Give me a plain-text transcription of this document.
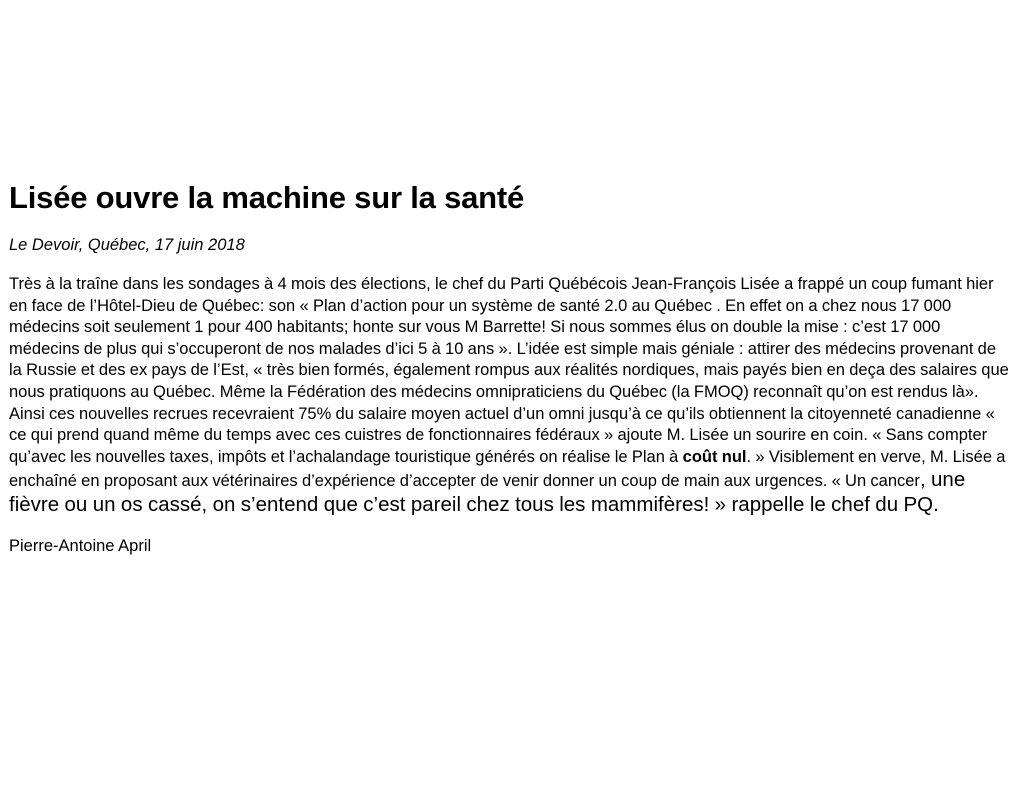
Lisée ouvre la machine sur la santé

Le Devoir, Québec, 17 juin 2018

Très à la traîne dans les sondages à 4 mois des élections, le chef du Parti Québécois Jean-François Lisée a frappé un coup fumant hier en face de l’Hôtel-Dieu de Québec: son « Plan d’action pour un système de santé 2.0 au Québec . En effet on a chez nous 17 000 médecins soit seulement 1 pour 400 habitants; honte sur vous M Barrette! Si nous sommes élus on double la mise : c’est 17 000 médecins de plus qui s’occuperont de nos malades d’ici 5 à 10 ans ». L’idée est simple mais géniale : attirer des médecins provenant de la Russie et des ex pays de l’Est, « très bien formés, également rompus aux réalités nordiques, mais payés bien en deça des salaires que nous pratiquons au Québec. Même la Fédération des médecins omnipraticiens du Québec (la FMOQ) reconnaît qu’on est rendus là». Ainsi ces nouvelles recrues recevraient 75% du salaire moyen actuel d’un omni jusqu’à ce qu’ils obtiennent la citoyenneté canadienne « ce qui prend quand même du temps avec ces cuistres de fonctionnaires fédéraux » ajoute M. Lisée un sourire en coin. « Sans compter qu’avec les nouvelles taxes, impôts et l’achalandage touristique générés on réalise le Plan à coût nul. » Visiblement en verve, M. Lisée a enchaîné en proposant aux vétérinaires d’expérience d’accepter de venir donner un coup de main aux urgences. « Un cancer, une fièvre ou un os cassé, on s’entend que c’est pareil chez tous les mammifères! » rappelle le chef du PQ.

Pierre-Antoine April
